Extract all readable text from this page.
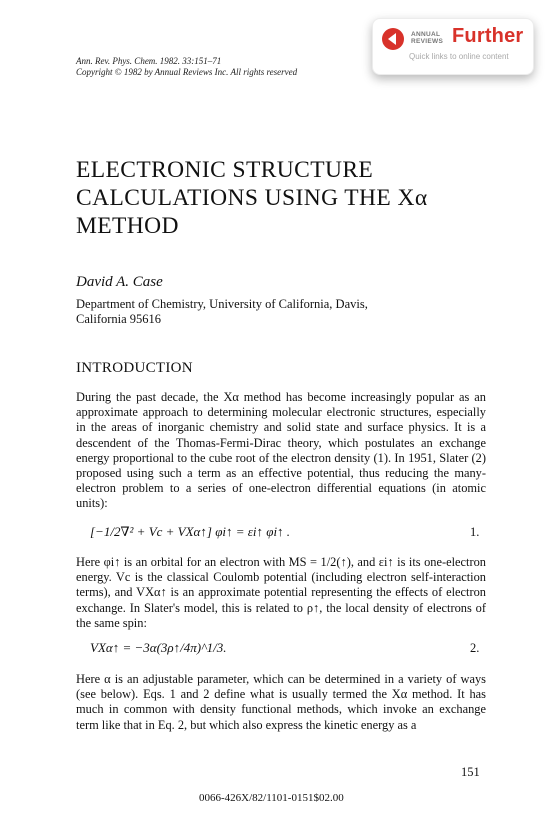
ANNUAL
REVIEWS Further
Quick links to online content
Ann. Rev. Phys. Chem. 1982. 33:151–71
Copyright © 1982 by Annual Reviews Inc. All rights reserved
ELECTRONIC STRUCTURE CALCULATIONS USING THE Xα METHOD
David A. Case
Department of Chemistry, University of California, Davis,
California 95616
INTRODUCTION

During the past decade, the Xα method has become increasingly popular as an approximate approach to determining molecular electronic structures, especially in the areas of inorganic chemistry and solid state and surface physics. It is a descendent of the Thomas-Fermi-Dirac theory, which postulates an exchange energy proportional to the cube root of the electron density (1). In 1951, Slater (2) proposed using such a term as an effective potential, thus reducing the many-electron problem to a series of one-electron differential equations (in atomic units):

[−1/2∇² + Vc + VXα↑] φi↑ = εi↑ φi↑ .	1.

Here φi↑ is an orbital for an electron with MS = 1/2(↑), and εi↑ is its one-electron energy. Vc is the classical Coulomb potential (including electron self-interaction terms), and VXα↑ is an approximate potential representing the effects of electron exchange. In Slater's model, this is related to ρ↑, the local density of electrons of the same spin:

VXα↑ = −3α(3ρ↑/4π)^1/3.	2.

Here α is an adjustable parameter, which can be determined in a variety of ways (see below). Eqs. 1 and 2 define what is usually termed the Xα method. It has much in common with density functional methods, which invoke an exchange term like that in Eq. 2, but which also express the kinetic energy as a

151
0066-426X/82/1101-0151$02.00
